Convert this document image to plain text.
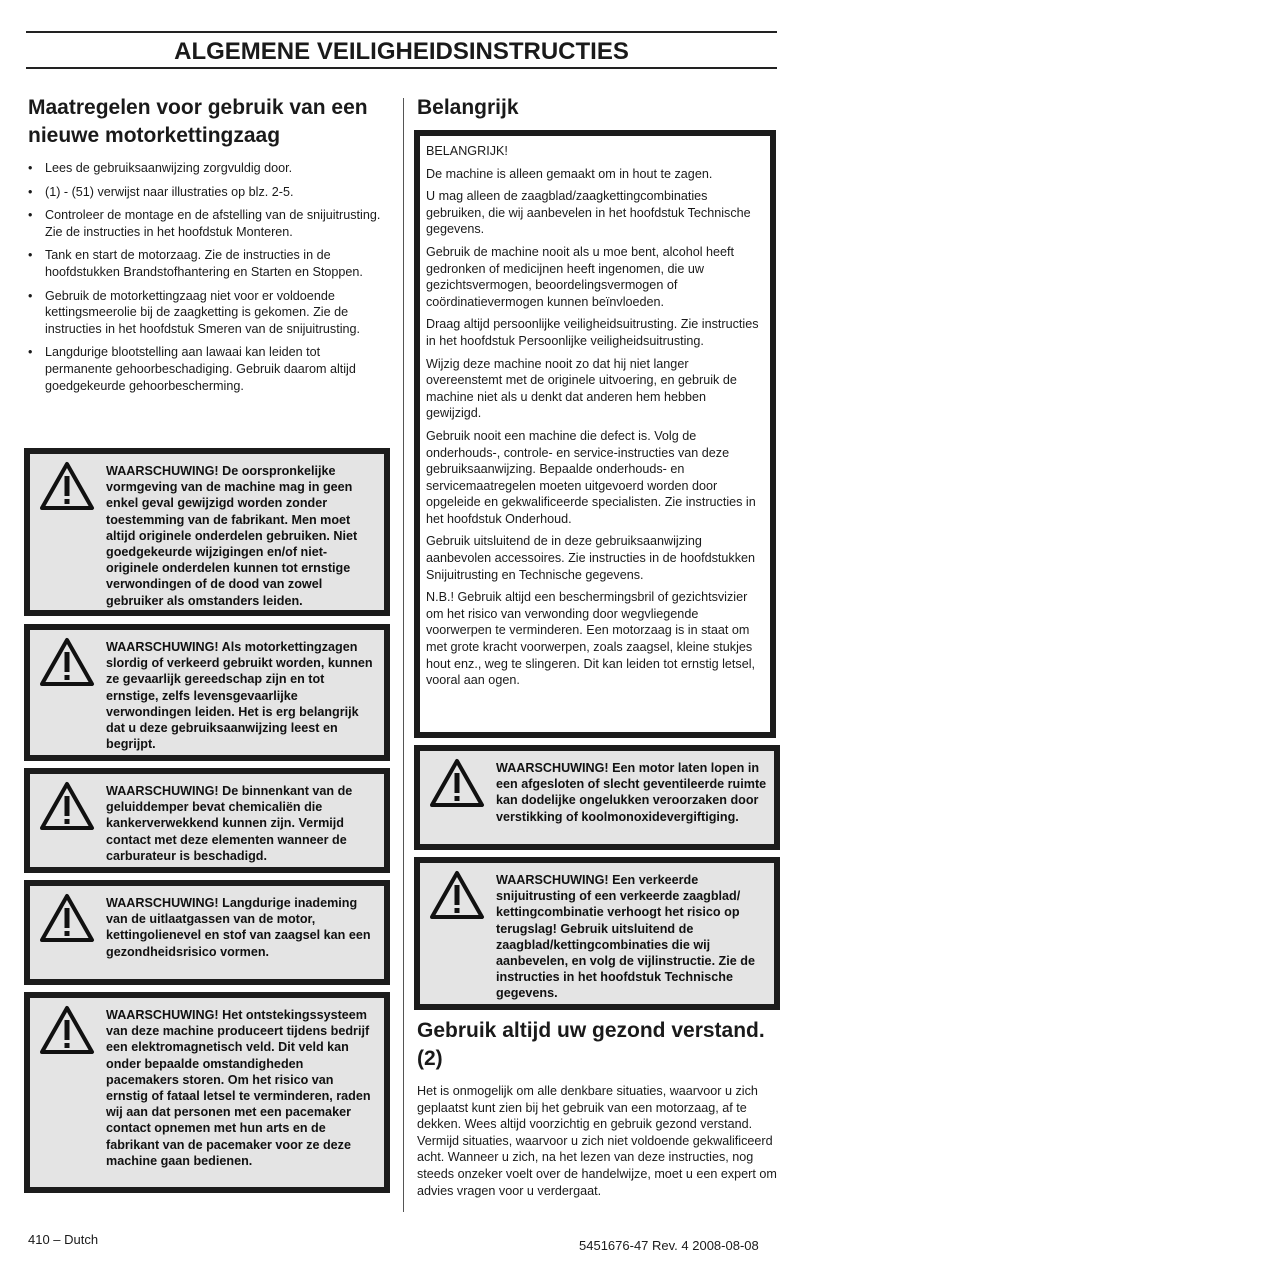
ALGEMENE VEILIGHEIDSINSTRUCTIES
Maatregelen voor gebruik van een nieuwe motorkettingzaag
• Lees de gebruiksaanwijzing zorgvuldig door.
• (1) - (51) verwijst naar illustraties op blz. 2-5.
• Controleer de montage en de afstelling van de snijuitrusting. Zie de instructies in het hoofdstuk Monteren.
• Tank en start de motorzaag. Zie de instructies in de hoofdstukken Brandstofhantering en Starten en Stoppen.
• Gebruik de motorkettingzaag niet voor er voldoende kettingsmeerolie bij de zaagketting is gekomen. Zie de instructies in het hoofdstuk Smeren van de snijuitrusting.
• Langdurige blootstelling aan lawaai kan leiden tot permanente gehoorbeschadiging. Gebruik daarom altijd goedgekeurde gehoorbescherming.
WAARSCHUWING! De oorspronkelijke vormgeving van de machine mag in geen enkel geval gewijzigd worden zonder toestemming van de fabrikant. Men moet altijd originele onderdelen gebruiken. Niet goedgekeurde wijzigingen en/of niet-originele onderdelen kunnen tot ernstige verwondingen of de dood van zowel gebruiker als omstanders leiden.
WAARSCHUWING! Als motorkettingzagen slordig of verkeerd gebruikt worden, kunnen ze gevaarlijk gereedschap zijn en tot ernstige, zelfs levensgevaarlijke verwondingen leiden. Het is erg belangrijk dat u deze gebruiksaanwijzing leest en begrijpt.
WAARSCHUWING! De binnenkant van de geluiddemper bevat chemicaliën die kankerverwekkend kunnen zijn. Vermijd contact met deze elementen wanneer de carburateur is beschadigd.
WAARSCHUWING! Langdurige inademing van de uitlaatgassen van de motor, kettingolienevel en stof van zaagsel kan een gezondheidsrisico vormen.
WAARSCHUWING! Het ontstekingssysteem van deze machine produceert tijdens bedrijf een elektromagnetisch veld. Dit veld kan onder bepaalde omstandigheden pacemakers storen. Om het risico van ernstig of fataal letsel te verminderen, raden wij aan dat personen met een pacemaker contact opnemen met hun arts en de fabrikant van de pacemaker voor ze deze machine gaan bedienen.
Belangrijk

BELANGRIJK!

De machine is alleen gemaakt om in hout te zagen.

U mag alleen de zaagblad/zaagkettingcombinaties gebruiken, die wij aanbevelen in het hoofdstuk Technische gegevens.

Gebruik de machine nooit als u moe bent, alcohol heeft gedronken of medicijnen heeft ingenomen, die uw gezichtsvermogen, beoordelingsvermogen of coördinatievermogen kunnen beïnvloeden.

Draag altijd persoonlijke veiligheidsuitrusting. Zie instructies in het hoofdstuk Persoonlijke veiligheidsuitrusting.

Wijzig deze machine nooit zo dat hij niet langer overeenstemt met de originele uitvoering, en gebruik de machine niet als u denkt dat anderen hem hebben gewijzigd.

Gebruik nooit een machine die defect is. Volg de onderhouds-, controle- en service-instructies van deze gebruiksaanwijzing. Bepaalde onderhouds- en servicemaatregelen moeten uitgevoerd worden door opgeleide en gekwalificeerde specialisten. Zie instructies in het hoofdstuk Onderhoud.

Gebruik uitsluitend de in deze gebruiksaanwijzing aanbevolen accessoires. Zie instructies in de hoofdstukken Snijuitrusting en Technische gegevens.

N.B.! Gebruik altijd een beschermingsbril of gezichtsvizier om het risico van verwonding door wegvliegende voorwerpen te verminderen. Een motorzaag is in staat om met grote kracht voorwerpen, zoals zaagsel, kleine stukjes hout enz., weg te slingeren. Dit kan leiden tot ernstig letsel, vooral aan ogen.

WAARSCHUWING! Een motor laten lopen in een afgesloten of slecht geventileerde ruimte kan dodelijke ongelukken veroorzaken door verstikking of koolmonoxidevergiftiging.
WAARSCHUWING! Een verkeerde snijuitrusting of een verkeerde zaagblad/ kettingcombinatie verhoogt het risico op terugslag! Gebruik uitsluitend de zaagblad/kettingcombinaties die wij aanbevelen, en volg de vijlinstructie. Zie de instructies in het hoofdstuk Technische gegevens.
Gebruik altijd uw gezond verstand. (2)

Het is onmogelijk om alle denkbare situaties, waarvoor u zich geplaatst kunt zien bij het gebruik van een motorzaag, af te dekken. Wees altijd voorzichtig en gebruik gezond verstand. Vermijd situaties, waarvoor u zich niet voldoende gekwalificeerd acht. Wanneer u zich, na het lezen van deze instructies, nog steeds onzeker voelt over de handelwijze, moet u een expert om advies vragen voor u verdergaat.

410 – Dutch	5451676-47 Rev. 4 2008-08-08
